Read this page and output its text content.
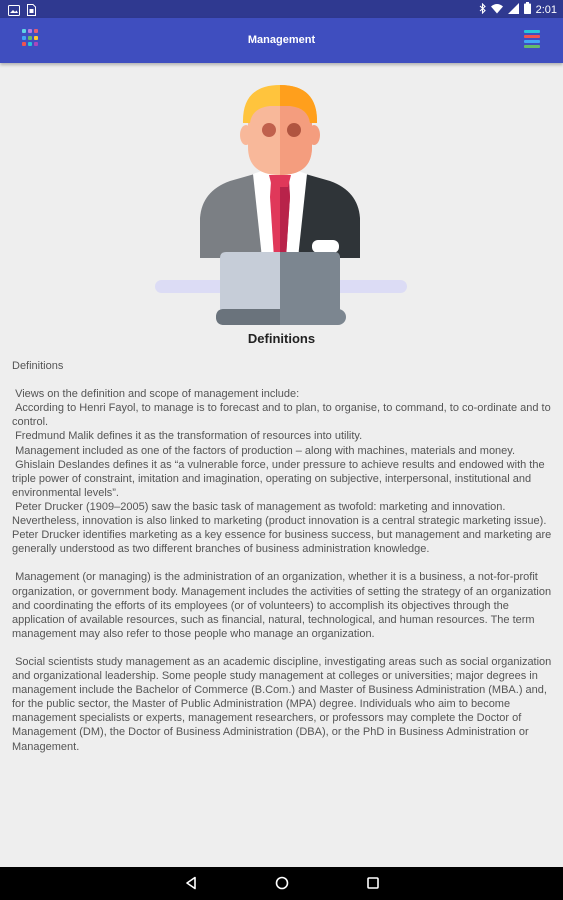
2:01
Management
Definitions
Definitions

Views on the definition and scope of management include:
According to Henri Fayol, to manage is to forecast and to plan, to organise, to command, to co-ordinate and to control.
Fredmund Malik defines it as the transformation of resources into utility.
Management included as one of the factors of production – along with machines, materials and money.
Ghislain Deslandes defines it as “a vulnerable force, under pressure to achieve results and endowed with the triple power of constraint, imitation and imagination, operating on subjective, interpersonal, institutional and environmental levels”.
Peter Drucker (1909–2005) saw the basic task of management as twofold: marketing and innovation. Nevertheless, innovation is also linked to marketing (product innovation is a central strategic marketing issue). Peter Drucker identifies marketing as a key essence for business success, but management and marketing are generally understood as two different branches of business administration knowledge.

Management (or managing) is the administration of an organization, whether it is a business, a not-for-profit organization, or government body. Management includes the activities of setting the strategy of an organization and coordinating the efforts of its employees (or of volunteers) to accomplish its objectives through the application of available resources, such as financial, natural, technological, and human resources. The term management may also refer to those people who manage an organization.

Social scientists study management as an academic discipline, investigating areas such as social organization and organizational leadership. Some people study management at colleges or universities; major degrees in management include the Bachelor of Commerce (B.Com.) and Master of Business Administration (MBA.) and, for the public sector, the Master of Public Administration (MPA) degree. Individuals who aim to become management specialists or experts, management researchers, or professors may complete the Doctor of Management (DM), the Doctor of Business Administration (DBA), or the PhD in Business Administration or Management.
